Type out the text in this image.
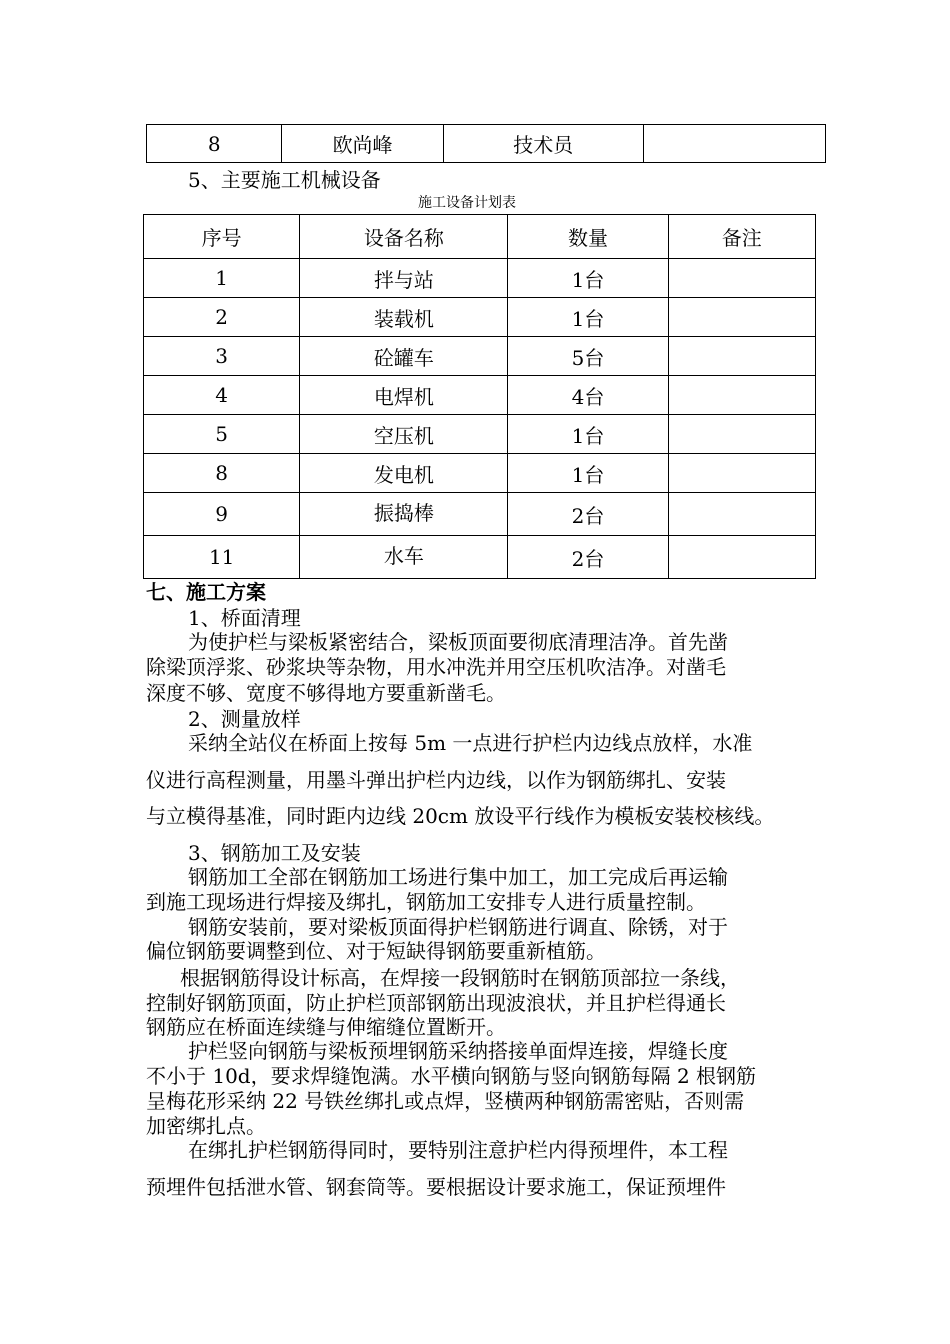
8	欧尚峰	技术员	
5、主要施工机械设备
施工设备计划表
序号	设备名称	数量	备注
1	拌与站	1台	
2	装载机	1台	
3	砼罐车	5台	
4	电焊机	4台	
5	空压机	1台	
8	发电机	1台	
9	振捣棒	2台	
11	水车	2台	
七、施工方案
1、桥面清理
为使护栏与梁板紧密结合，梁板顶面要彻底清理洁净。首先凿
除梁顶浮浆、砂浆块等杂物，用水冲洗并用空压机吹洁净。对凿毛
深度不够、宽度不够得地方要重新凿毛。
2、测量放样
采纳全站仪在桥面上按每 5m 一点进行护栏内边线点放样，水准
仪进行高程测量，用墨斗弹出护栏内边线，以作为钢筋绑扎、安装
与立模得基准，同时距内边线 20cm 放设平行线作为模板安装校核线。
3、钢筋加工及安装
钢筋加工全部在钢筋加工场进行集中加工，加工完成后再运输
到施工现场进行焊接及绑扎，钢筋加工安排专人进行质量控制。
钢筋安装前，要对梁板顶面得护栏钢筋进行调直、除锈，对于
偏位钢筋要调整到位、对于短缺得钢筋要重新植筋。
根据钢筋得设计标高，在焊接一段钢筋时在钢筋顶部拉一条线，
控制好钢筋顶面，防止护栏顶部钢筋出现波浪状，并且护栏得通长
钢筋应在桥面连续缝与伸缩缝位置断开。
护栏竖向钢筋与梁板预埋钢筋采纳搭接单面焊连接，焊缝长度
不小于 10d，要求焊缝饱满。水平横向钢筋与竖向钢筋每隔 2 根钢筋
呈梅花形采纳 22 号铁丝绑扎或点焊，竖横两种钢筋需密贴，否则需
加密绑扎点。
在绑扎护栏钢筋得同时，要特别注意护栏内得预埋件，本工程
预埋件包括泄水管、钢套筒等。要根据设计要求施工，保证预埋件
